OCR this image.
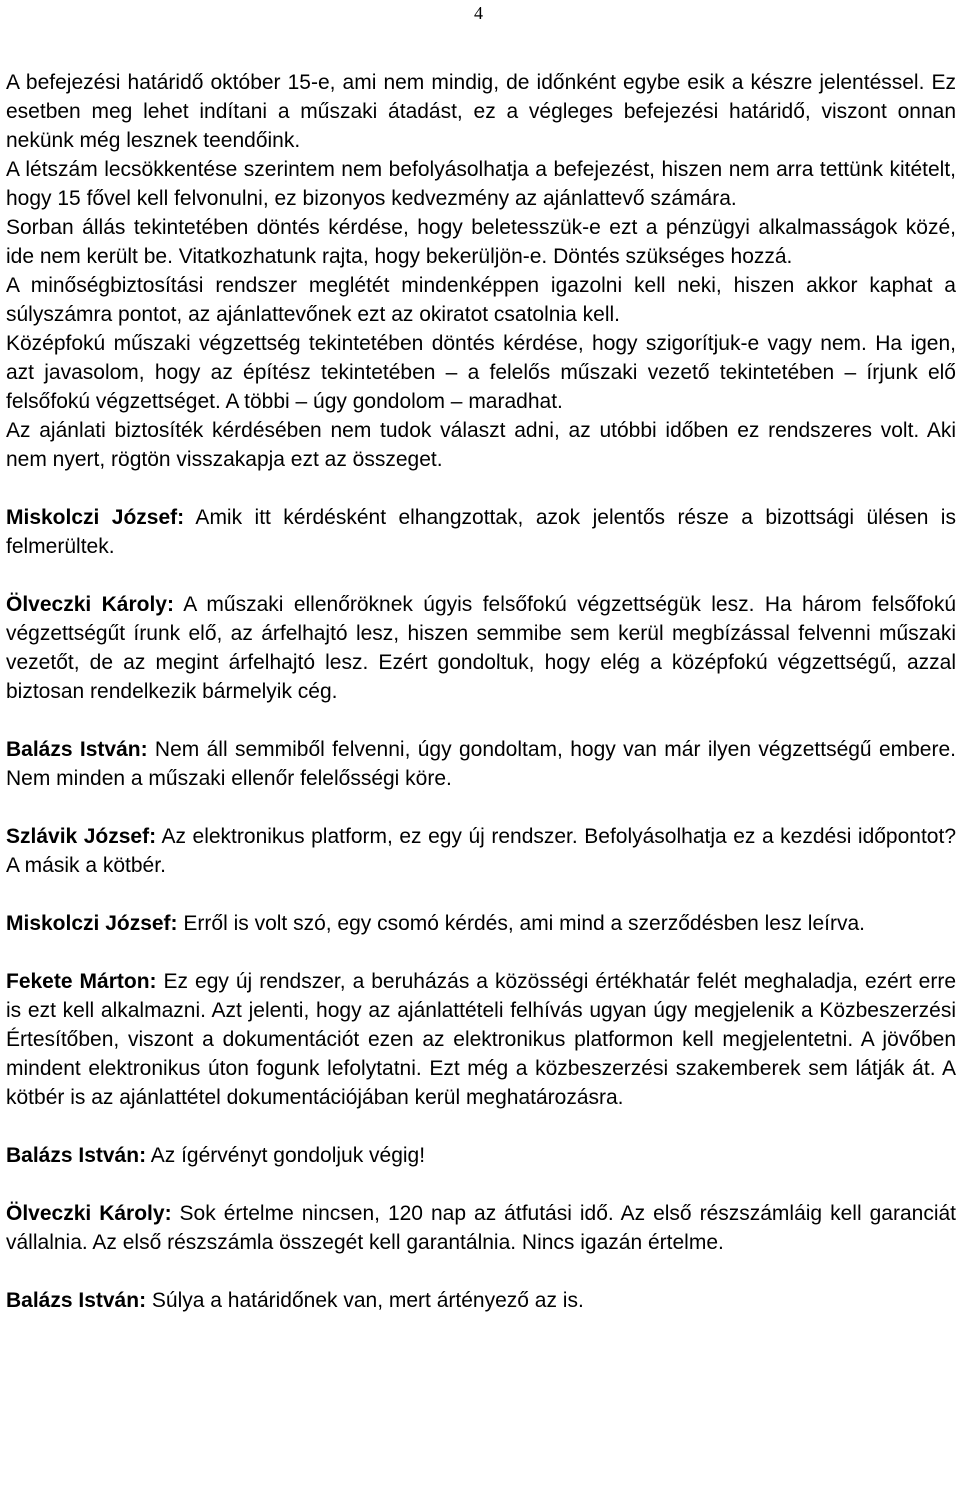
4

A befejezési határidő október 15-e, ami nem mindig, de időnként egybe esik a készre jelentéssel. Ez esetben meg lehet indítani a műszaki átadást, ez a végleges befejezési határidő, viszont onnan nekünk még lesznek teendőink.

A létszám lecsökkentése szerintem nem befolyásolhatja a befejezést, hiszen nem arra tettünk kitételt, hogy 15 fővel kell felvonulni, ez bizonyos kedvezmény az ajánlattevő számára.

Sorban állás tekintetében döntés kérdése, hogy beletesszük-e ezt a pénzügyi alkalmasságok közé, ide nem került be. Vitatkozhatunk rajta, hogy bekerüljön-e. Döntés szükséges hozzá.

A minőségbiztosítási rendszer meglétét mindenképpen igazolni kell neki, hiszen akkor kaphat a súlyszámra pontot, az ajánlattevőnek ezt az okiratot csatolnia kell.

Középfokú műszaki végzettség tekintetében döntés kérdése, hogy szigorítjuk-e vagy nem. Ha igen, azt javasolom, hogy az építész tekintetében – a felelős műszaki vezető tekintetében – írjunk elő felsőfokú végzettséget. A többi – úgy gondolom – maradhat.

Az ajánlati biztosíték kérdésében nem tudok választ adni, az utóbbi időben ez rendszeres volt. Aki nem nyert, rögtön visszakapja ezt az összeget.

Miskolczi József: Amik itt kérdésként elhangzottak, azok jelentős része a bizottsági ülésen is felmerültek.

Ölveczki Károly: A műszaki ellenőröknek úgyis felsőfokú végzettségük lesz. Ha három felsőfokú végzettségűt írunk elő, az árfelhajtó lesz, hiszen semmibe sem kerül megbízással felvenni műszaki vezetőt, de az megint árfelhajtó lesz. Ezért gondoltuk, hogy elég a középfokú végzettségű, azzal biztosan rendelkezik bármelyik cég.

Balázs István: Nem áll semmiből felvenni, úgy gondoltam, hogy van már ilyen végzettségű embere. Nem minden a műszaki ellenőr felelősségi köre.

Szlávik József: Az elektronikus platform, ez egy új rendszer. Befolyásolhatja ez a kezdési időpontot? A másik a kötbér.

Miskolczi József: Erről is volt szó, egy csomó kérdés, ami mind a szerződésben lesz leírva.

Fekete Márton: Ez egy új rendszer, a beruházás a közösségi értékhatár felét meghaladja, ezért erre is ezt kell alkalmazni. Azt jelenti, hogy az ajánlattételi felhívás ugyan úgy megjelenik a Közbeszerzési Értesítőben, viszont a dokumentációt ezen az elektronikus platformon kell megjelentetni. A jövőben mindent elektronikus úton fogunk lefolytatni. Ezt még a közbeszerzési szakemberek sem látják át. A kötbér is az ajánlattétel dokumentációjában kerül meghatározásra.

Balázs István: Az ígérvényt gondoljuk végig!

Ölveczki Károly: Sok értelme nincsen, 120 nap az átfutási idő. Az első részszámláig kell garanciát vállalnia. Az első részszámla összegét kell garantálnia. Nincs igazán értelme.

Balázs István: Súlya a határidőnek van, mert ártényező az is.
